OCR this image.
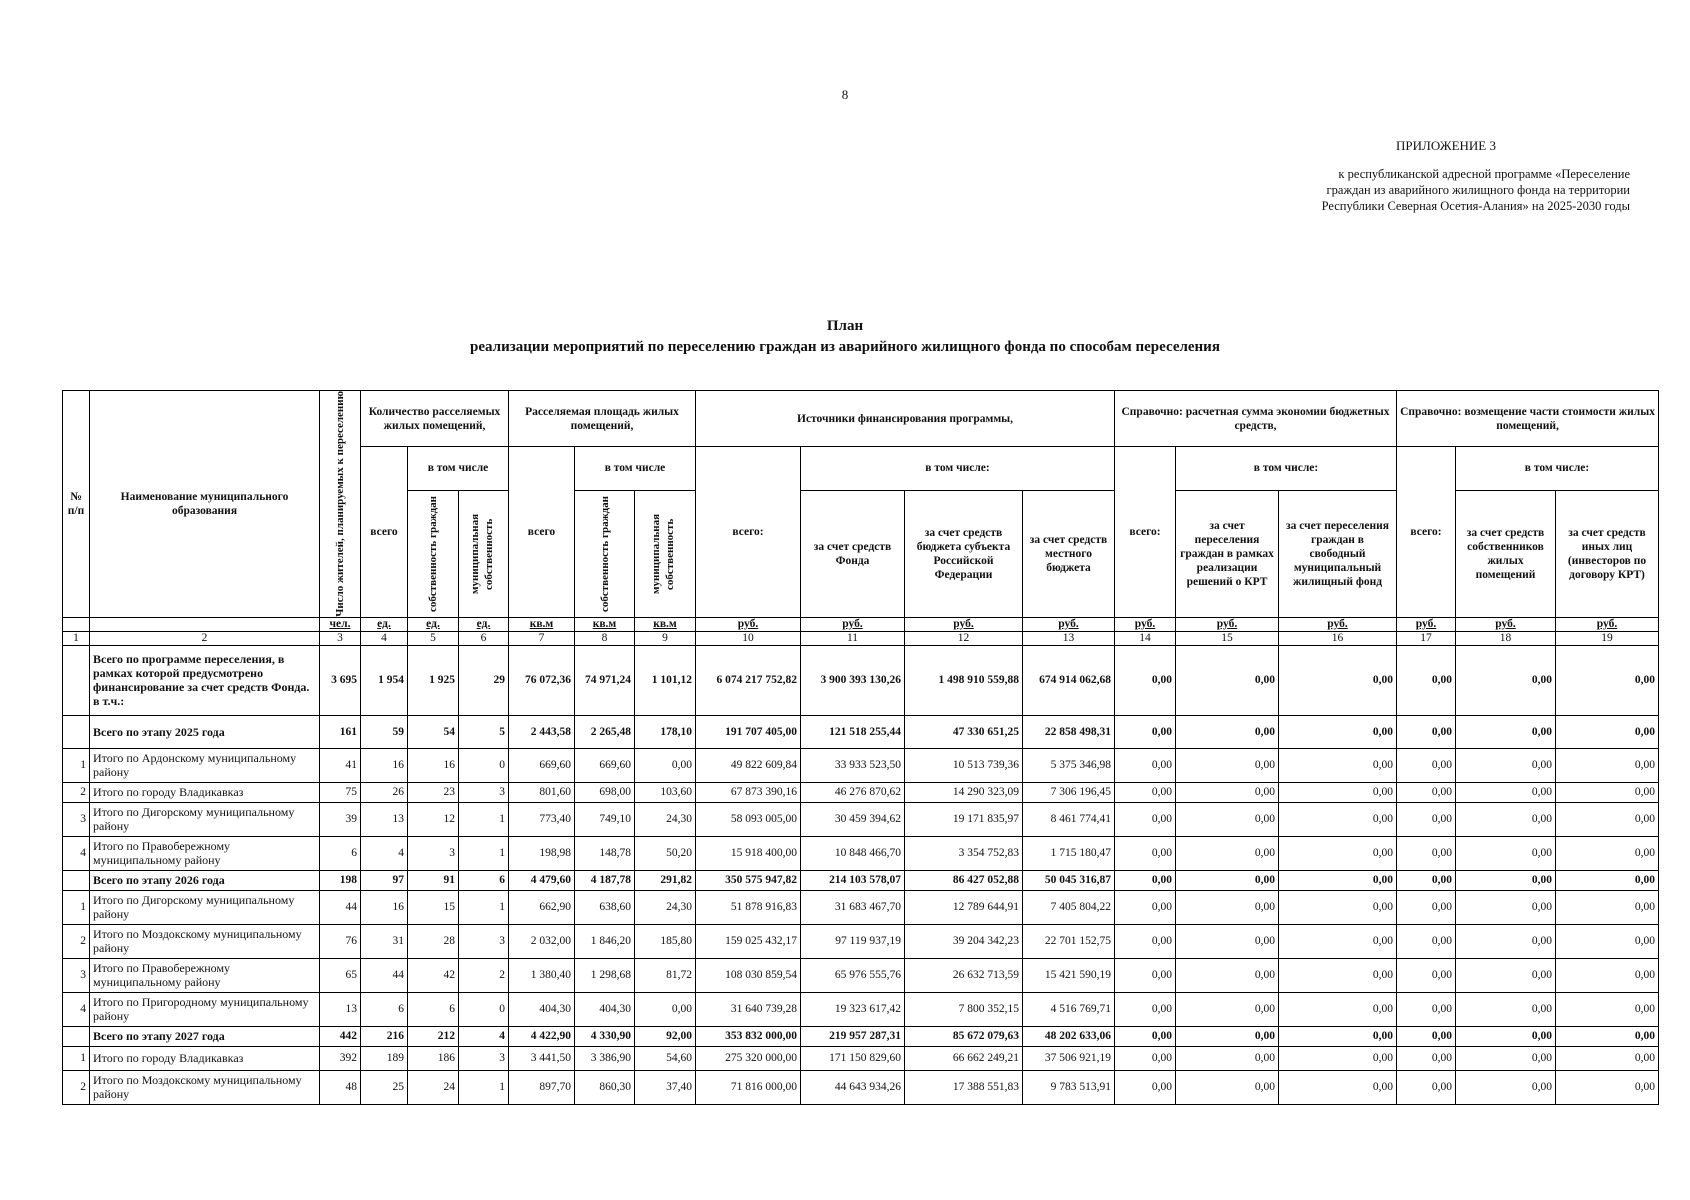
8
ПРИЛОЖЕНИЕ 3
к республиканской адресной программе «Переселение
граждан из аварийного жилищного фонда на территории
Республики Северная Осетия-Алания» на 2025-2030 годы
План
реализации мероприятий по переселению граждан из аварийного жилищного фонда по способам переселения
№ п/п	Наименование муниципального образования	Число жителей, планируемых к переселению	Количество расселяемых жилых помещений,			Расселяемая площадь жилых помещений,			Источники финансирования программы,				Справочно: расчетная сумма экономии бюджетных средств,			Справочно: возмещение части стоимости жилых помещений,		
			всего	в том числе		всего	в том числе		всего:	в том числе:			всего:	в том числе:		всего:	в том числе:	

				собственность граждан	муниципальная собственность		собственность граждан	муниципальная собственность		за счет средств Фонда	за счет средств бюджета субъекта Российской Федерации	за счет средств местного бюджета		за счет переселения граждан в рамках реализации решений о КРТ	за счет переселения граждан в свободный муниципальный жилищный фонд		за счет средств собственников жилых помещений	за счет средств иных лиц (инвесторов по договору КРТ)
		чел.	ед.	ед.	ед.	кв.м	кв.м	кв.м	руб.	руб.	руб.	руб.	руб.	руб.	руб.	руб.	руб.	руб.
1	2	3	4	5	6	7	8	9	10	11	12	13	14	15	16	17	18	19
	Всего по программе переселения, в рамках которой предусмотрено финансирование за счет средств Фонда. в т.ч.:	3 695	1 954	1 925	29	76 072,36	74 971,24	1 101,12	6 074 217 752,82	3 900 393 130,26	1 498 910 559,88	674 914 062,68	0,00	0,00	0,00	0,00	0,00	0,00
	Всего по этапу 2025 года	161	59	54	5	2 443,58	2 265,48	178,10	191 707 405,00	121 518 255,44	47 330 651,25	22 858 498,31	0,00	0,00	0,00	0,00	0,00	0,00
1	Итого по Ардонскому муниципальному району	41	16	16	0	669,60	669,60	0,00	49 822 609,84	33 933 523,50	10 513 739,36	5 375 346,98	0,00	0,00	0,00	0,00	0,00	0,00
2	Итого по городу Владикавказ	75	26	23	3	801,60	698,00	103,60	67 873 390,16	46 276 870,62	14 290 323,09	7 306 196,45	0,00	0,00	0,00	0,00	0,00	0,00
3	Итого по Дигорскому муниципальному району	39	13	12	1	773,40	749,10	24,30	58 093 005,00	30 459 394,62	19 171 835,97	8 461 774,41	0,00	0,00	0,00	0,00	0,00	0,00
4	Итого по Правобережному муниципальному району	6	4	3	1	198,98	148,78	50,20	15 918 400,00	10 848 466,70	3 354 752,83	1 715 180,47	0,00	0,00	0,00	0,00	0,00	0,00
	Всего по этапу 2026 года	198	97	91	6	4 479,60	4 187,78	291,82	350 575 947,82	214 103 578,07	86 427 052,88	50 045 316,87	0,00	0,00	0,00	0,00	0,00	0,00
1	Итого по Дигорскому муниципальному району	44	16	15	1	662,90	638,60	24,30	51 878 916,83	31 683 467,70	12 789 644,91	7 405 804,22	0,00	0,00	0,00	0,00	0,00	0,00
2	Итого по Моздокскому муниципальному району	76	31	28	3	2 032,00	1 846,20	185,80	159 025 432,17	97 119 937,19	39 204 342,23	22 701 152,75	0,00	0,00	0,00	0,00	0,00	0,00
3	Итого по Правобережному муниципальному району	65	44	42	2	1 380,40	1 298,68	81,72	108 030 859,54	65 976 555,76	26 632 713,59	15 421 590,19	0,00	0,00	0,00	0,00	0,00	0,00
4	Итого по Пригородному муниципальному району	13	6	6	0	404,30	404,30	0,00	31 640 739,28	19 323 617,42	7 800 352,15	4 516 769,71	0,00	0,00	0,00	0,00	0,00	0,00
	Всего по этапу 2027 года	442	216	212	4	4 422,90	4 330,90	92,00	353 832 000,00	219 957 287,31	85 672 079,63	48 202 633,06	0,00	0,00	0,00	0,00	0,00	0,00
1	Итого по городу Владикавказ	392	189	186	3	3 441,50	3 386,90	54,60	275 320 000,00	171 150 829,60	66 662 249,21	37 506 921,19	0,00	0,00	0,00	0,00	0,00	0,00
2	Итого по Моздокскому муниципальному району	48	25	24	1	897,70	860,30	37,40	71 816 000,00	44 643 934,26	17 388 551,83	9 783 513,91	0,00	0,00	0,00	0,00	0,00	0,00
